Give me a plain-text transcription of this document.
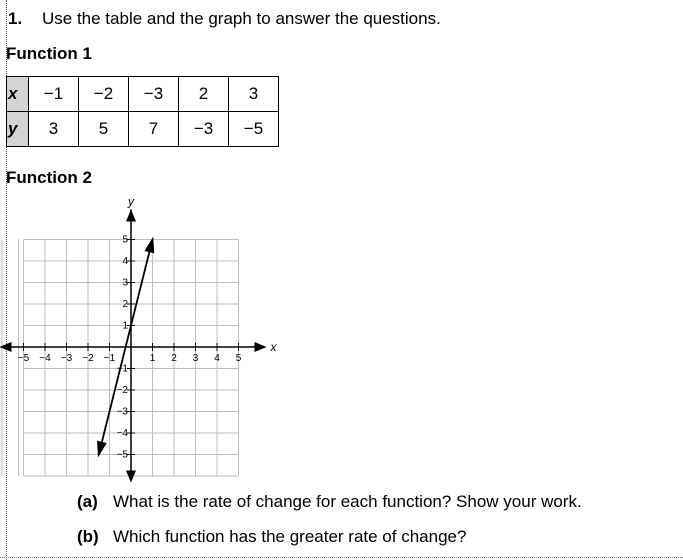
1. Use the table and the graph to answer the questions.
Function 1
x	−1	−2	−3	2	3
y	3	5	7	−3	−5
Function 2
−5 −4 −3 −2 −1	1 2 3 4 5
5
4
3
2
1
−1
−2
−3
−4
−5
x
y
(a) What is the rate of change for each function? Show your work.
(b) Which function has the greater rate of change?
